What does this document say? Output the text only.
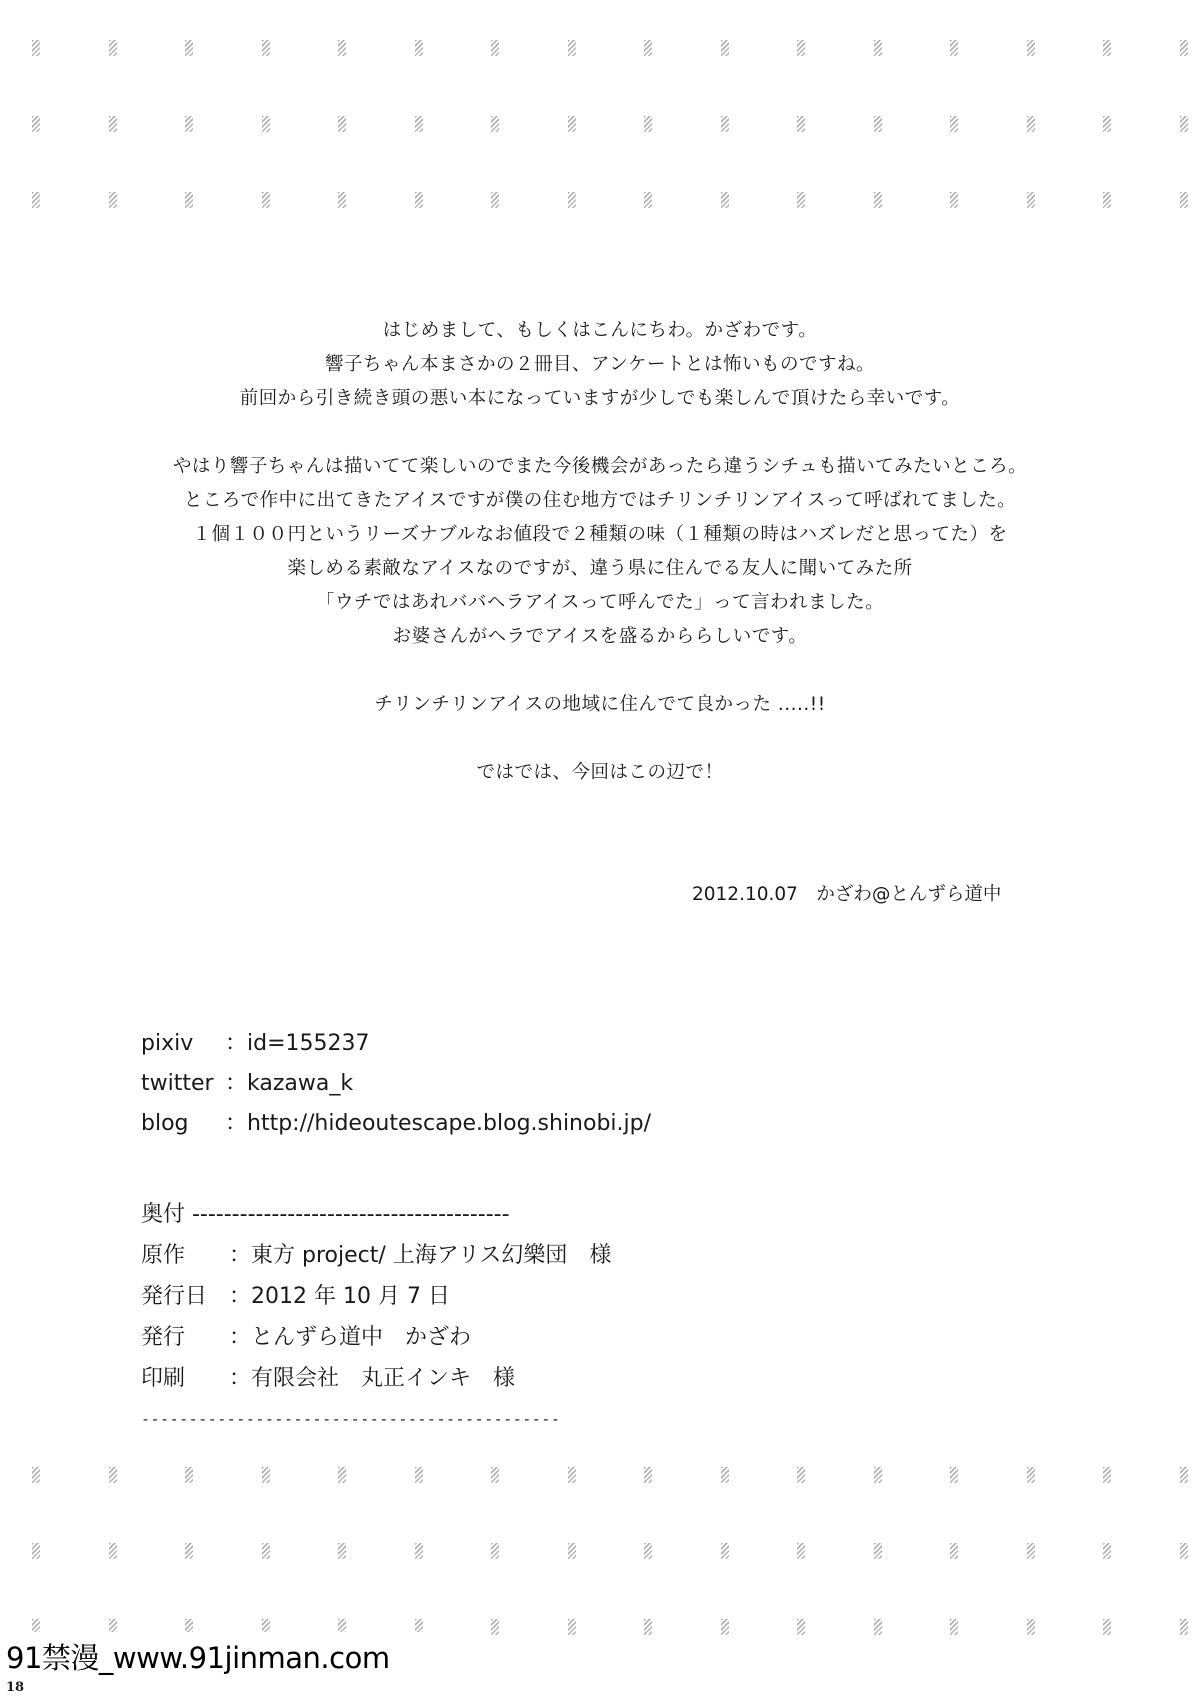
はじめまして、もしくはこんにちわ。かざわです。
響子ちゃん本まさかの２冊目、アンケートとは怖いものですね。
前回から引き続き頭の悪い本になっていますが少しでも楽しんで頂けたら幸いです。
やはり響子ちゃんは描いてて楽しいのでまた今後機会があったら違うシチュも描いてみたいところ。
ところで作中に出てきたアイスですが僕の住む地方ではチリンチリンアイスって呼ばれてました。
１個１００円というリーズナブルなお値段で２種類の味（１種類の時はハズレだと思ってた）を
楽しめる素敵なアイスなのですが、違う県に住んでる友人に聞いてみた所
「ウチではあれババヘラアイスって呼んでた」って言われました。
お婆さんがヘラでアイスを盛るかららしいです。
チリンチリンアイスの地域に住んでて良かった .....!!
ではでは、今回はこの辺で！
2012.10.07　かざわ@とんずら道中
pixiv ：id=155237
twitter ：kazawa_k
blog ：http://hideoutescape.blog.shinobi.jp/
奥付 ----------------------------------------
原作 ：東方 project/ 上海アリス幻樂団　様
発行日 ：2012 年 10 月 7 日
発行 ：とんずら道中　かざわ
印刷 ：有限会社　丸正インキ　様
--------------------------------------------
91禁漫_www.91jinman.com
18
